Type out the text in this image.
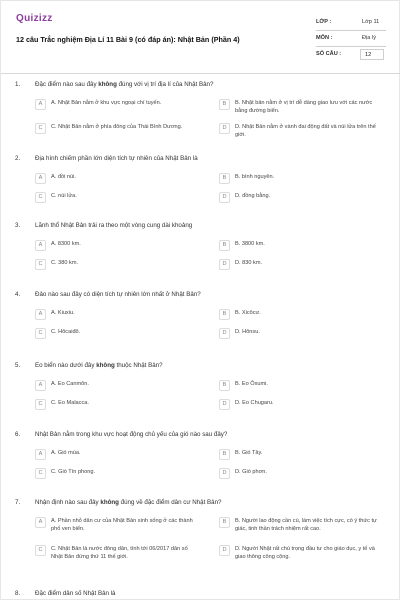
Quizizz
12 câu Trắc nghiệm Địa Lí 11 Bài 9 (có đáp án): Nhật Bản (Phần 4)
LỚP :	Lớp 11
MÔN :	Địa lý
SỐ CÂU :	12
1. Đặc điểm nào sau đây không đúng với vị trí địa lí của Nhật Bản?
A	A. Nhật Bản nằm ở khu vực ngoại chí tuyến.	B	B. Nhật bản nằm ở vị trí dễ dàng giao lưu với các nước bằng đường biển.
C	C. Nhật Bản nằm ở phía đông của Thái Bình Dương.	D	D. Nhật Bản nằm ở vành đai động đất và núi lửa trên thế giới.
2. Địa hình chiếm phần lớn diện tích tự nhiên của Nhật Bản là
A	A. đồi núi.	B	B. bình nguyên.
C	C. núi lửa.	D	D. đồng bằng.
3. Lãnh thổ Nhật Bản trải ra theo một vòng cung dài khoảng
A	A. 8300 km.	B	B. 3800 km.
C	C. 380 km.	D	D. 830 km.
4. Đảo nào sau đây có diện tích tự nhiên lớn nhất ở Nhật Bản?
A	A. Kiuxiu.	B	B. Xicôcư.
C	C. Hôcaiđô.	D	D. Hônsu.
5. Eo biển nào dưới đây không thuộc Nhật Bản?
A	A. Eo Canmôn.	B	B. Eo Ôxumi.
C	C. Eo Malacca.	D	D. Eo Chugaru.
6. Nhật Bản nằm trong khu vực hoạt động chủ yếu của gió nào sau đây?
A	A. Gió mùa.	B	B. Gió Tây.
C	C. Gió Tín phong.	D	D. Gió phơn.
7. Nhận định nào sau đây không đúng về đặc điểm dân cư Nhật Bản?
A	A. Phần nhỏ dân cư của Nhật Bản sinh sống ở các thành phố ven biển.
B	B. Người lao động cần cù, làm việc tích cực, có ý thức tự giác, tinh thần trách nhiệm rất cao.
C	C. Nhật Bản là nước đông dân, tính tới 06/2017 dân số Nhật Bản đứng thứ 11 thế giới.
D	D. Người Nhật rất chú trọng đầu tư cho giáo dục, y tế và giao thông công cộng.
8. Đặc điểm dân số Nhật Bản là
